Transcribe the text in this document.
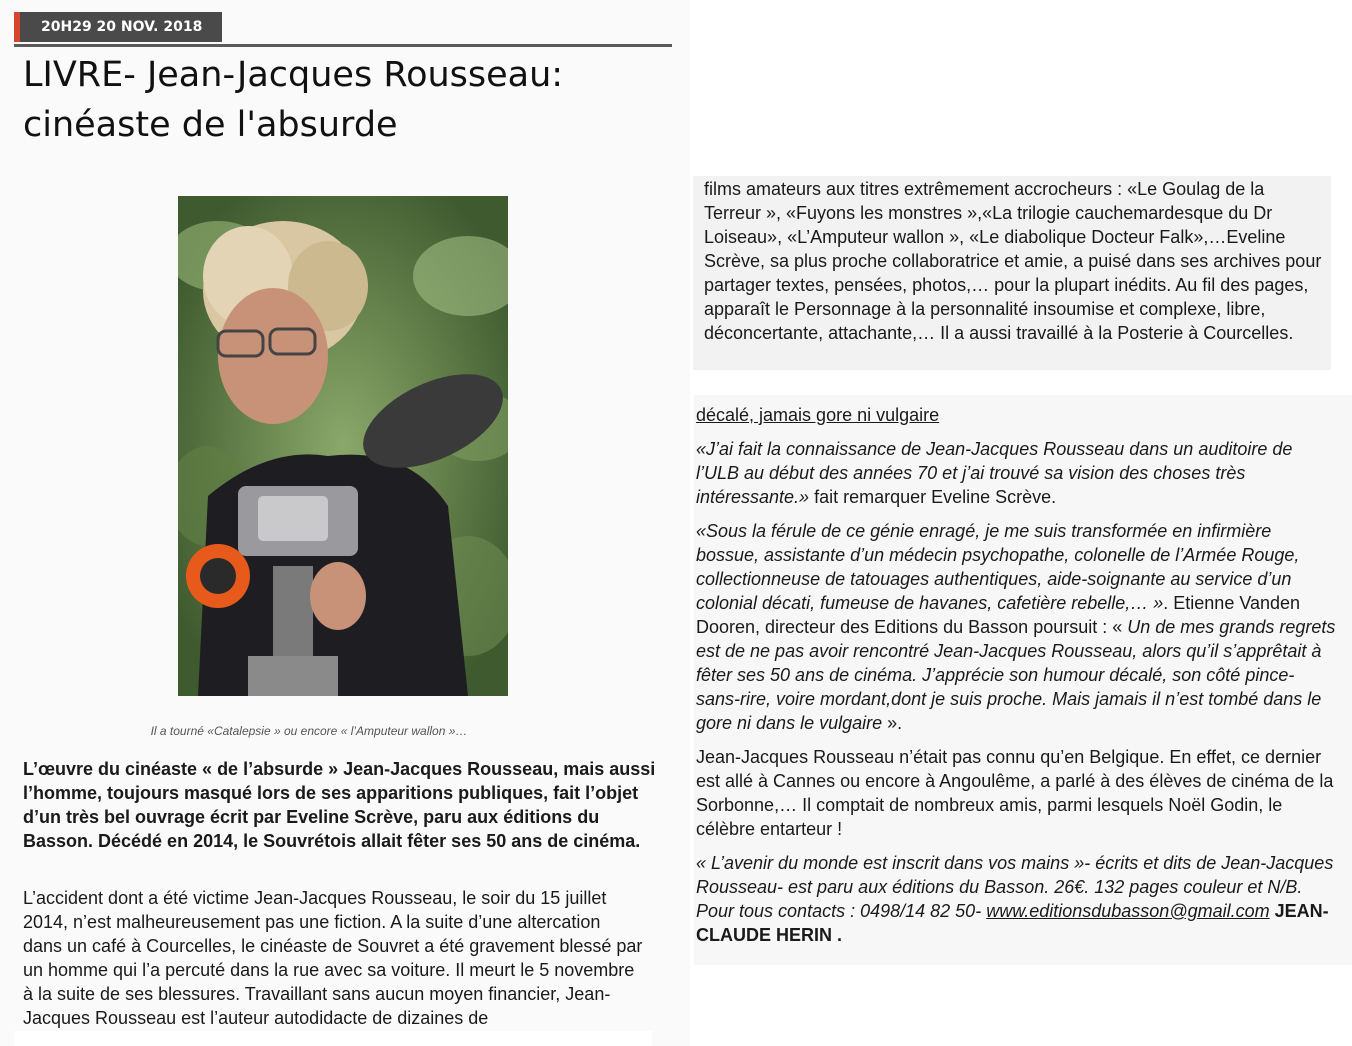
20H29 20 NOV. 2018
LIVRE- Jean-Jacques Rousseau:
cinéaste de l'absurde
Il a tourné «Catalepsie » ou encore « l’Amputeur wallon »…

L’œuvre du cinéaste « de l’absurde » Jean-Jacques Rousseau, mais aussi l’homme, toujours masqué lors de ses apparitions publiques, fait l’objet d’un très bel ouvrage écrit par Eveline Scrève, paru aux éditions du Basson. Décédé en 2014, le Souvrétois allait fêter ses 50 ans de cinéma.

L’accident dont a été victime Jean-Jacques Rousseau, le soir du 15 juillet 2014, n’est malheureusement pas une fiction. A la suite d’une altercation dans un café à Courcelles, le cinéaste de Souvret a été gravement blessé par un homme qui l’a percuté dans la rue avec sa voiture. Il meurt le 5 novembre à la suite de ses blessures. Travaillant sans aucun moyen financier, Jean-Jacques Rousseau est l’auteur autodidacte de dizaines de

films amateurs aux titres extrêmement accrocheurs : «Le Goulag de la Terreur », «Fuyons les monstres »,«La trilogie cauchemardesque du Dr Loiseau», «L’Amputeur wallon », «Le diabolique Docteur Falk»,…Eveline Scrève, sa plus proche collaboratrice et amie, a puisé dans ses archives pour partager textes, pensées, photos,… pour la plupart inédits. Au fil des pages, apparaît le Personnage à la personnalité insoumise et complexe, libre, déconcertante, attachante,… Il a aussi travaillé à la Posterie à Courcelles.

décalé, jamais gore ni vulgaire

«J’ai fait la connaissance de Jean-Jacques Rousseau dans un auditoire de l’ULB au début des années 70 et j’ai trouvé sa vision des choses très intéressante.» fait remarquer Eveline Scrève.

«Sous la férule de ce génie enragé, je me suis transformée en infirmière bossue, assistante d’un médecin psychopathe, colonelle de l’Armée Rouge, collectionneuse de tatouages authentiques, aide-soignante au service d’un colonial décati, fumeuse de havanes, cafetière rebelle,… ». Etienne Vanden Dooren, directeur des Editions du Basson poursuit : « Un de mes grands regrets est de ne pas avoir rencontré Jean-Jacques Rousseau, alors qu’il s’apprêtait à fêter ses 50 ans de cinéma. J’apprécie son humour décalé, son côté pince-sans-rire, voire mordant,dont je suis proche. Mais jamais il n’est tombé dans le gore ni dans le vulgaire ».

Jean-Jacques Rousseau n’était pas connu qu’en Belgique. En effet, ce dernier est allé à Cannes ou encore à Angoulême, a parlé à des élèves de cinéma de la Sorbonne,… Il comptait de nombreux amis, parmi lesquels Noël Godin, le célèbre entarteur !

« L’avenir du monde est inscrit dans vos mains »- écrits et dits de Jean-Jacques Rousseau- est paru aux éditions du Basson. 26€. 132 pages couleur et N/B. Pour tous contacts : 0498/14 82 50- www.editionsdubasson@gmail.com JEAN-CLAUDE HERIN .
